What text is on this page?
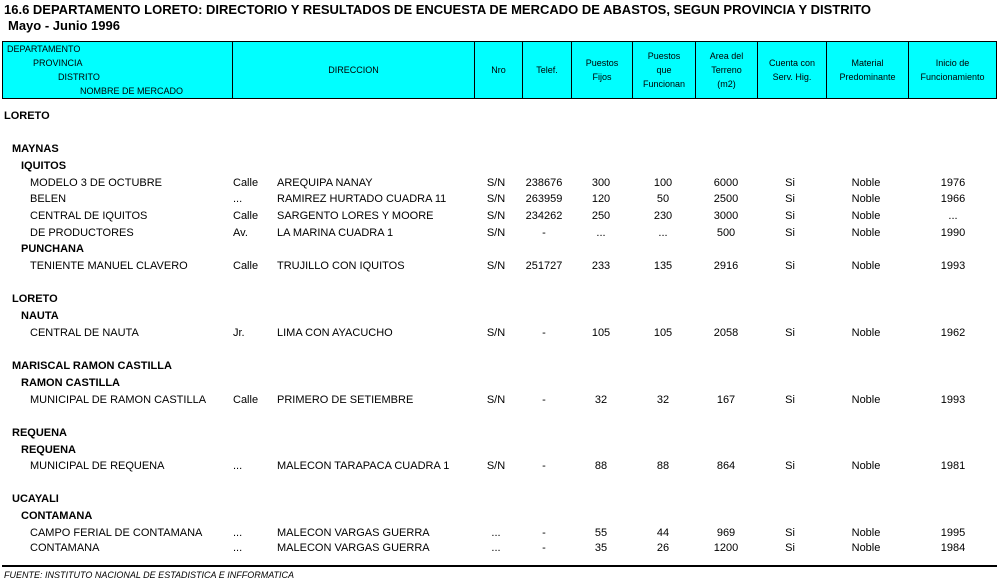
16.6 DEPARTAMENTO LORETO: DIRECTORIO Y RESULTADOS DE ENCUESTA DE MERCADO DE ABASTOS, SEGUN PROVINCIA Y DISTRITO
Mayo - Junio 1996
DEPARTAMENTO
PROVINCIA
DISTRITO
NOMBRE DE MERCADO
DIRECCION	Nro	Telef.
Puestos
Fijos
Puestos
que
Funcionan
Area del
Terreno
(m2)
Cuenta con
Serv. Hig.
Material
Predominante
Inicio de
Funcionamiento
LORETO
MAYNAS
IQUITOS
MODELO 3 DE OCTUBRE	Calle AREQUIPA NANAY	S/N 238676	300	100	6000	Si	Noble	1976
BELEN	...	RAMIREZ HURTADO CUADRA 11	S/N 263959	120	50	2500	Si	Noble	1966
CENTRAL DE IQUITOS	Calle SARGENTO LORES Y MOORE	S/N 234262	250	230	3000	Si	Noble	...
DE PRODUCTORES	Av.	LA MARINA CUADRA 1	S/N	-	...	...	500	Si	Noble	1990
PUNCHANA
TENIENTE MANUEL CLAVERO	Calle TRUJILLO CON IQUITOS	S/N 251727	233	135	2916	Si	Noble	1993
LORETO
NAUTA
CENTRAL DE NAUTA	Jr.	LIMA CON AYACUCHO	S/N	-	105	105	2058	Si	Noble	1962
MARISCAL RAMON CASTILLA
RAMON CASTILLA
MUNICIPAL DE RAMON CASTILLA Calle PRIMERO DE SETIEMBRE	S/N	-	32	32	167	Si	Noble	1993
REQUENA
REQUENA
MUNICIPAL DE REQUENA	...	MALECON TARAPACA CUADRA 1	S/N	-	88	88	864	Si	Noble	1981
UCAYALI
CONTAMANA
CAMPO FERIAL DE CONTAMANA	...	MALECON VARGAS GUERRA	...	-	55	44	969	Si	Noble	1995
CONTAMANA	...	MALECON VARGAS GUERRA	...	-	35	26	1200	Si	Noble	1984
FUENTE: INSTITUTO NACIONAL DE ESTADISTICA E INFFORMATICA
